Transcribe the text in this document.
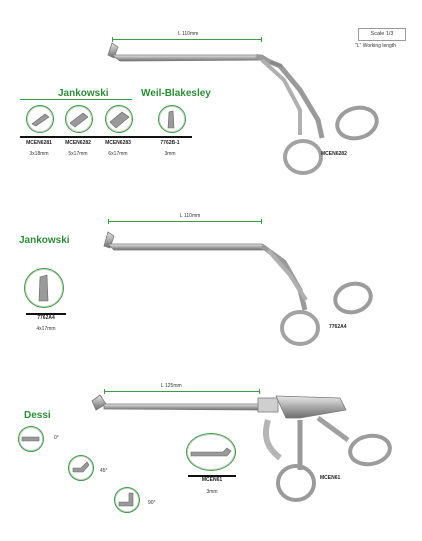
Scale 1/3
"L" Working length
L 110mm
Jankowski	Weil-Blakesley
MCEN6281	MCEN6282	MCEN6283	7762B-1
3x18mm	5x17mm	6x17mm	3mm	MCEN6282
L 110mm
Jankowski
7762A4
4x17mm	7762A4
L 125mm
Dessi
0°
45°
90°
MCEN61
3mm
MCEN61
